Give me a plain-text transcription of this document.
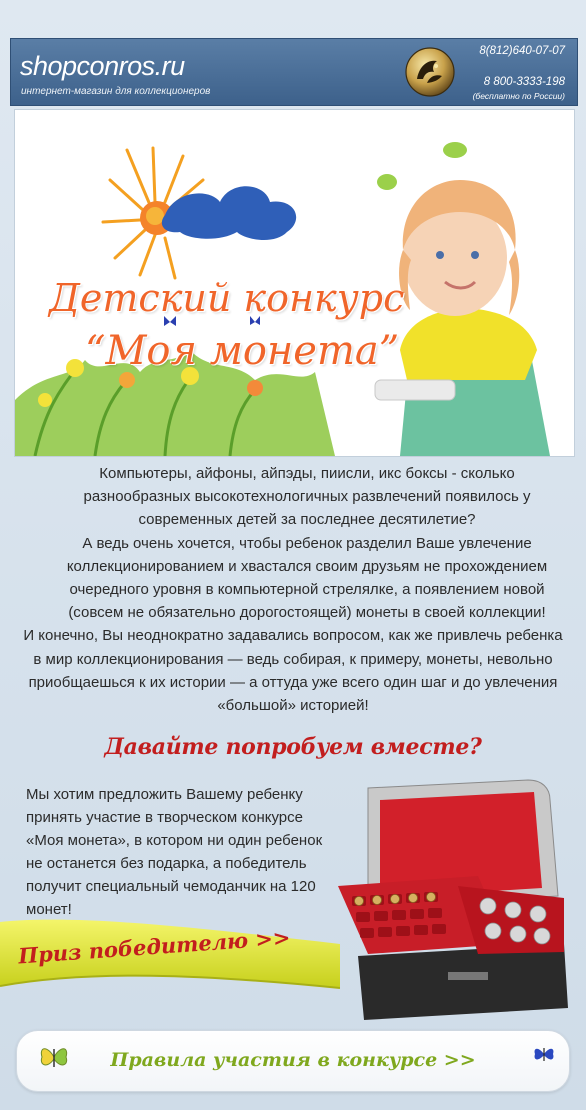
shopconros.ru
интернет-магазин для коллекционеров
8(812)640-07-07
8 800-3333-198
(бесплатно по России)
Детский конкурс
“Моя монета”

Компьютеры, айфоны, айпэды, пиисли, икс боксы - сколько разнообразных высокотехнологичных развлечений появилось у современных детей за последнее десятилетие?

А ведь очень хочется, чтобы ребенок разделил Ваше увлечение коллекционированием и хвастался своим друзьям не прохождением очередного уровня в компьютерной стрелялке, а появлением новой (совсем не обязательно дорогостоящей) монеты в своей коллекции!

И конечно, Вы неоднократно задавались вопросом, как же привлечь ребенка в мир коллекционирования — ведь собирая, к примеру, монеты, невольно приобщаешься к их истории — а оттуда уже всего один шаг и до увлечения «большой» историей!

Давайте попробуем вместе?

Мы хотим предложить Вашему ребенку принять участие в творческом конкурсе «Моя монета», в котором ни один ребенок не останется без подарка, а победитель получит специальный чемоданчик на 120 монет!

Приз победителю >>
Правила участия в конкурсе >>
